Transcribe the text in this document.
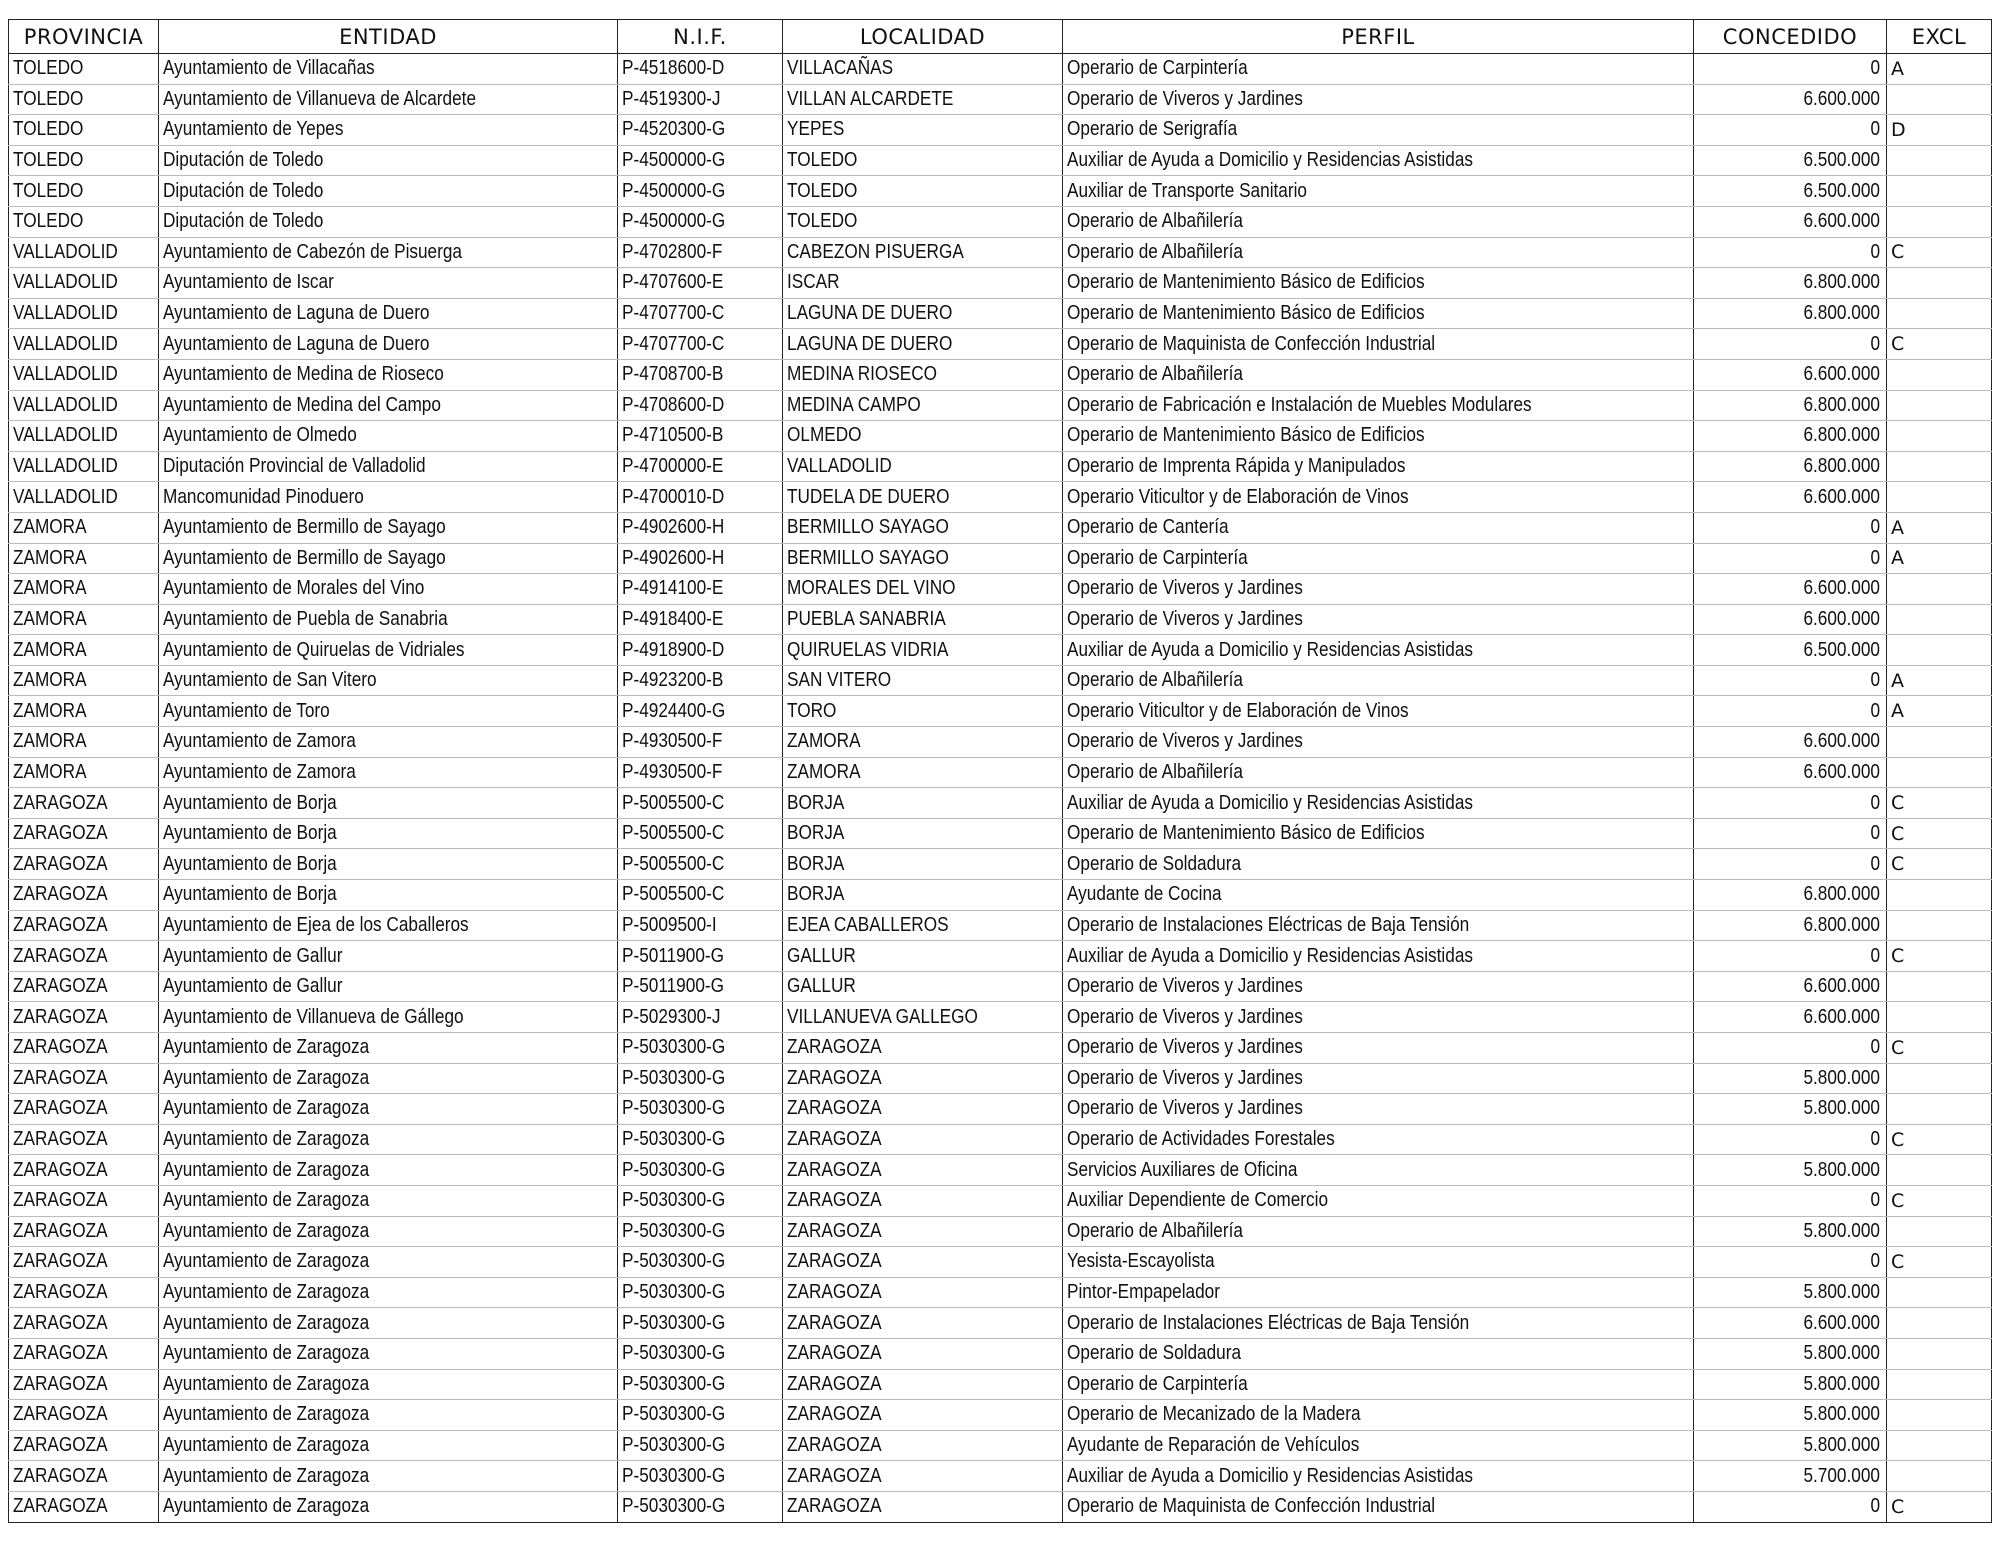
PROVINCIA	ENTIDAD	N.I.F.	LOCALIDAD	PERFIL	CONCEDIDO	EXCL
TOLEDO	Ayuntamiento de Villacañas	P-4518600-D	VILLACAÑAS	Operario de Carpintería	0	A
TOLEDO	Ayuntamiento de Villanueva de Alcardete	P-4519300-J	VILLAN ALCARDETE	Operario de Viveros y Jardines	6.600.000	
TOLEDO	Ayuntamiento de Yepes	P-4520300-G	YEPES	Operario de Serigrafía	0	D
TOLEDO	Diputación de Toledo	P-4500000-G	TOLEDO	Auxiliar de Ayuda a Domicilio y Residencias Asistidas	6.500.000	
TOLEDO	Diputación de Toledo	P-4500000-G	TOLEDO	Auxiliar de Transporte Sanitario	6.500.000	
TOLEDO	Diputación de Toledo	P-4500000-G	TOLEDO	Operario de Albañilería	6.600.000	
VALLADOLID	Ayuntamiento de Cabezón de Pisuerga	P-4702800-F	CABEZON PISUERGA	Operario de Albañilería	0	C
VALLADOLID	Ayuntamiento de Iscar	P-4707600-E	ISCAR	Operario de Mantenimiento Básico de Edificios	6.800.000	
VALLADOLID	Ayuntamiento de Laguna de Duero	P-4707700-C	LAGUNA DE DUERO	Operario de Mantenimiento Básico de Edificios	6.800.000	
VALLADOLID	Ayuntamiento de Laguna de Duero	P-4707700-C	LAGUNA DE DUERO	Operario de Maquinista de Confección Industrial	0	C
VALLADOLID	Ayuntamiento de Medina de Rioseco	P-4708700-B	MEDINA RIOSECO	Operario de Albañilería	6.600.000	
VALLADOLID	Ayuntamiento de Medina del Campo	P-4708600-D	MEDINA CAMPO	Operario de Fabricación e Instalación de Muebles Modulares	6.800.000	
VALLADOLID	Ayuntamiento de Olmedo	P-4710500-B	OLMEDO	Operario de Mantenimiento Básico de Edificios	6.800.000	
VALLADOLID	Diputación Provincial de Valladolid	P-4700000-E	VALLADOLID	Operario de Imprenta Rápida y Manipulados	6.800.000	
VALLADOLID	Mancomunidad Pinoduero	P-4700010-D	TUDELA DE DUERO	Operario Viticultor y de Elaboración de Vinos	6.600.000	
ZAMORA	Ayuntamiento de Bermillo de Sayago	P-4902600-H	BERMILLO SAYAGO	Operario de Cantería	0	A
ZAMORA	Ayuntamiento de Bermillo de Sayago	P-4902600-H	BERMILLO SAYAGO	Operario de Carpintería	0	A
ZAMORA	Ayuntamiento de Morales del Vino	P-4914100-E	MORALES DEL VINO	Operario de Viveros y Jardines	6.600.000	
ZAMORA	Ayuntamiento de Puebla de Sanabria	P-4918400-E	PUEBLA SANABRIA	Operario de Viveros y Jardines	6.600.000	
ZAMORA	Ayuntamiento de Quiruelas de Vidriales	P-4918900-D	QUIRUELAS VIDRIA	Auxiliar de Ayuda a Domicilio y Residencias Asistidas	6.500.000	
ZAMORA	Ayuntamiento de San Vitero	P-4923200-B	SAN VITERO	Operario de Albañilería	0	A
ZAMORA	Ayuntamiento de Toro	P-4924400-G	TORO	Operario Viticultor y de Elaboración de Vinos	0	A
ZAMORA	Ayuntamiento de Zamora	P-4930500-F	ZAMORA	Operario de Viveros y Jardines	6.600.000	
ZAMORA	Ayuntamiento de Zamora	P-4930500-F	ZAMORA	Operario de Albañilería	6.600.000	
ZARAGOZA	Ayuntamiento de Borja	P-5005500-C	BORJA	Auxiliar de Ayuda a Domicilio y Residencias Asistidas	0	C
ZARAGOZA	Ayuntamiento de Borja	P-5005500-C	BORJA	Operario de Mantenimiento Básico de Edificios	0	C
ZARAGOZA	Ayuntamiento de Borja	P-5005500-C	BORJA	Operario de Soldadura	0	C
ZARAGOZA	Ayuntamiento de Borja	P-5005500-C	BORJA	Ayudante de Cocina	6.800.000	
ZARAGOZA	Ayuntamiento de Ejea de los Caballeros	P-5009500-I	EJEA CABALLEROS	Operario de Instalaciones Eléctricas de Baja Tensión	6.800.000	
ZARAGOZA	Ayuntamiento de Gallur	P-5011900-G	GALLUR	Auxiliar de Ayuda a Domicilio y Residencias Asistidas	0	C
ZARAGOZA	Ayuntamiento de Gallur	P-5011900-G	GALLUR	Operario de Viveros y Jardines	6.600.000	
ZARAGOZA	Ayuntamiento de Villanueva de Gállego	P-5029300-J	VILLANUEVA GALLEGO	Operario de Viveros y Jardines	6.600.000	
ZARAGOZA	Ayuntamiento de Zaragoza	P-5030300-G	ZARAGOZA	Operario de Viveros y Jardines	0	C
ZARAGOZA	Ayuntamiento de Zaragoza	P-5030300-G	ZARAGOZA	Operario de Viveros y Jardines	5.800.000	
ZARAGOZA	Ayuntamiento de Zaragoza	P-5030300-G	ZARAGOZA	Operario de Viveros y Jardines	5.800.000	
ZARAGOZA	Ayuntamiento de Zaragoza	P-5030300-G	ZARAGOZA	Operario de Actividades Forestales	0	C
ZARAGOZA	Ayuntamiento de Zaragoza	P-5030300-G	ZARAGOZA	Servicios Auxiliares de Oficina	5.800.000	
ZARAGOZA	Ayuntamiento de Zaragoza	P-5030300-G	ZARAGOZA	Auxiliar Dependiente de Comercio	0	C
ZARAGOZA	Ayuntamiento de Zaragoza	P-5030300-G	ZARAGOZA	Operario de Albañilería	5.800.000	
ZARAGOZA	Ayuntamiento de Zaragoza	P-5030300-G	ZARAGOZA	Yesista-Escayolista	0	C
ZARAGOZA	Ayuntamiento de Zaragoza	P-5030300-G	ZARAGOZA	Pintor-Empapelador	5.800.000	
ZARAGOZA	Ayuntamiento de Zaragoza	P-5030300-G	ZARAGOZA	Operario de Instalaciones Eléctricas de Baja Tensión	6.600.000	
ZARAGOZA	Ayuntamiento de Zaragoza	P-5030300-G	ZARAGOZA	Operario de Soldadura	5.800.000	
ZARAGOZA	Ayuntamiento de Zaragoza	P-5030300-G	ZARAGOZA	Operario de Carpintería	5.800.000	
ZARAGOZA	Ayuntamiento de Zaragoza	P-5030300-G	ZARAGOZA	Operario de Mecanizado de la Madera	5.800.000	
ZARAGOZA	Ayuntamiento de Zaragoza	P-5030300-G	ZARAGOZA	Ayudante de Reparación de Vehículos	5.800.000	
ZARAGOZA	Ayuntamiento de Zaragoza	P-5030300-G	ZARAGOZA	Auxiliar de Ayuda a Domicilio y Residencias Asistidas	5.700.000	
ZARAGOZA	Ayuntamiento de Zaragoza	P-5030300-G	ZARAGOZA	Operario de Maquinista de Confección Industrial	0	C
